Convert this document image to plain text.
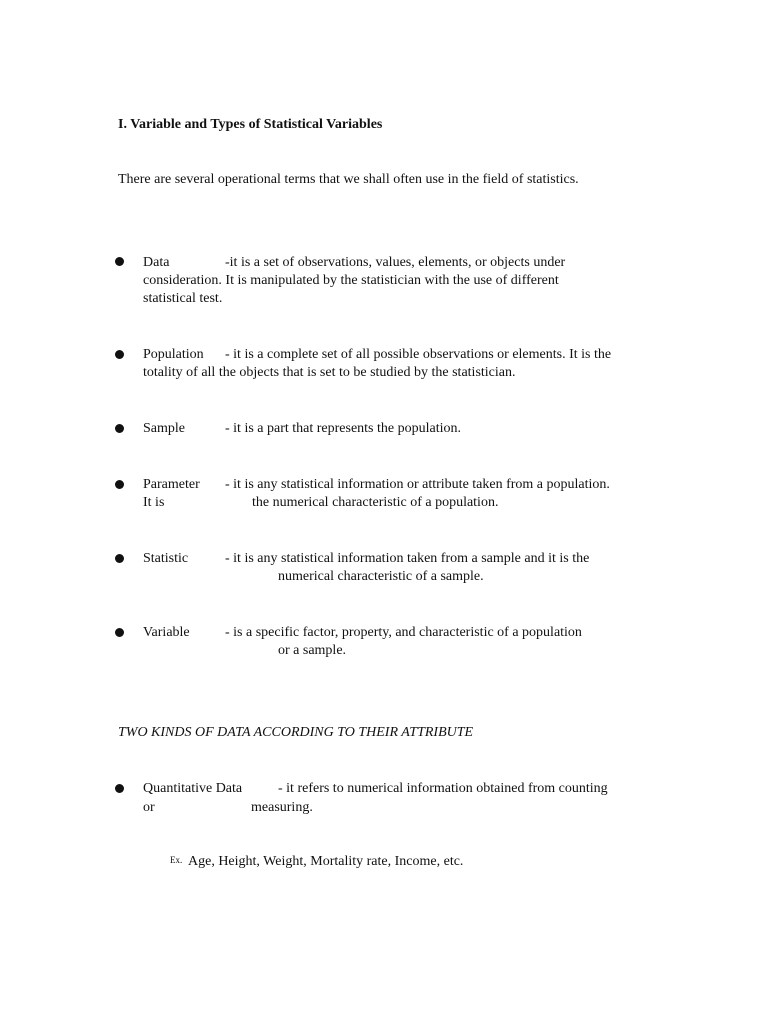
I. Variable and Types of Statistical Variables
There are several operational terms that we shall often use in the field of statistics.
Data	-it is a set of observations, values, elements, or objects under
consideration. It is manipulated by the statistician with the use of different
statistical test.
Population - it is a complete set of all possible observations or elements. It is the
totality of all the objects that is set to be studied by the statistician.
Sample	- it is a part that represents the population.
Parameter - it is any statistical information or attribute taken from a population.
It is	the numerical characteristic of a population.
Statistic	- it is any statistical information taken from a sample and it is the
numerical characteristic of a sample.
Variable	- is a specific factor, property, and characteristic of a population
or a sample.
TWO KINDS OF DATA ACCORDING TO THEIR ATTRIBUTE
Quantitative Data	- it refers to numerical information obtained from counting
or	measuring.
Ex. Age, Height, Weight, Mortality rate, Income, etc.
